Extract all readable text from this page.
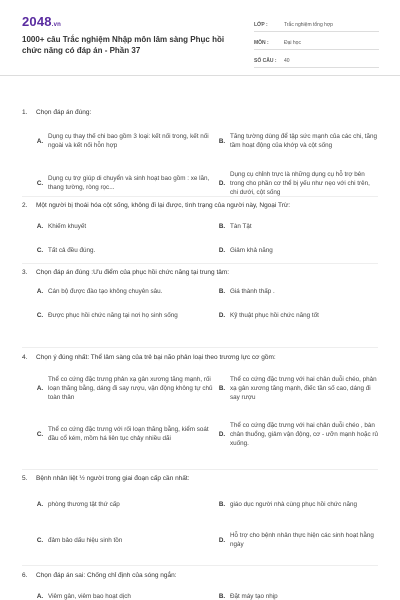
2048.vn
1000+ câu Trắc nghiệm Nhập môn lâm sàng Phục hồi chức năng có đáp án - Phần 37
LỚP :	Trắc nghiệm tổng hợp
MÔN :	Đại học
SỐ CÂU :	40
1. Chọn đáp án đúng:
A.
Dụng cụ thay thế chi bao gồm 3 loại: kết nối trong, kết nối ngoài và kết nối hỗn hợp
B.
Tăng tường dùng để tập sức mạnh của các chi, tăng tầm hoạt động của khớp và cột sống
C.
Dụng cụ trợ giúp di chuyển và sinh hoạt bao gồm : xe lăn, thang tường, ròng rọc...
D.
Dụng cụ chỉnh trực là những dụng cụ hỗ trợ bên trong cho phần cơ thể bị yếu như nẹo với chi trên, chi dưới, cột sống
2. Một người bị thoái hóa cột sống, không đi lại được, tình trạng của người này, Ngoại Trừ:
A. Khiếm khuyết	B. Tàn Tật
C. Tất cả đều đúng.	D. Giảm khả năng
3. Chọn đáp án đúng :Ưu điểm của phục hồi chức năng tại trung tâm:
A. Cán bộ được đào tạo không chuyên sâu.	B. Giá thành thấp .
C. Được phục hồi chức năng tại nơi họ sinh sống	D. Kỹ thuật phục hồi chức năng tốt
4. Chọn ý đúng nhất: Thể lâm sàng của trẻ bại não phân loại theo trương lực cơ gồm:
A.
Thể co cứng đặc trưng phản xạ gân xương tăng mạnh, rối loạn thăng bằng, dáng đi say rượu, vận động không tự chủ toàn thân
B.
Thể co cứng đặc trưng với hai chân duỗi chéo, phản xạ gân xương tăng mạnh, điếc tần số cao, dáng đi say rượu
C.
Thể co cứng đặc trưng với rối loạn thăng bằng, kiểm soát đầu cổ kém, mồm há liên tục chảy nhiều dãi
D.
Thể co cứng đặc trưng với hai chân duỗi chéo , bàn chân thuổng, giảm vận động, cơ - ưỡn mạnh hoặc rủ xuống.
5. Bệnh nhân liệt ½ người trong giai đoạn cấp cần nhất:
A. phòng thương tật thứ cấp	B. giáo dục người nhà cùng phục hồi chức năng
C. đảm bảo dấu hiệu sinh tồn	D.
Hỗ trợ cho bệnh nhân thực hiện các sinh hoạt hằng ngày
6. Chọn đáp án sai: Chống chỉ định của sóng ngắn:
A. Viêm gân, viêm bao hoạt dịch	B. Đặt máy tạo nhịp
